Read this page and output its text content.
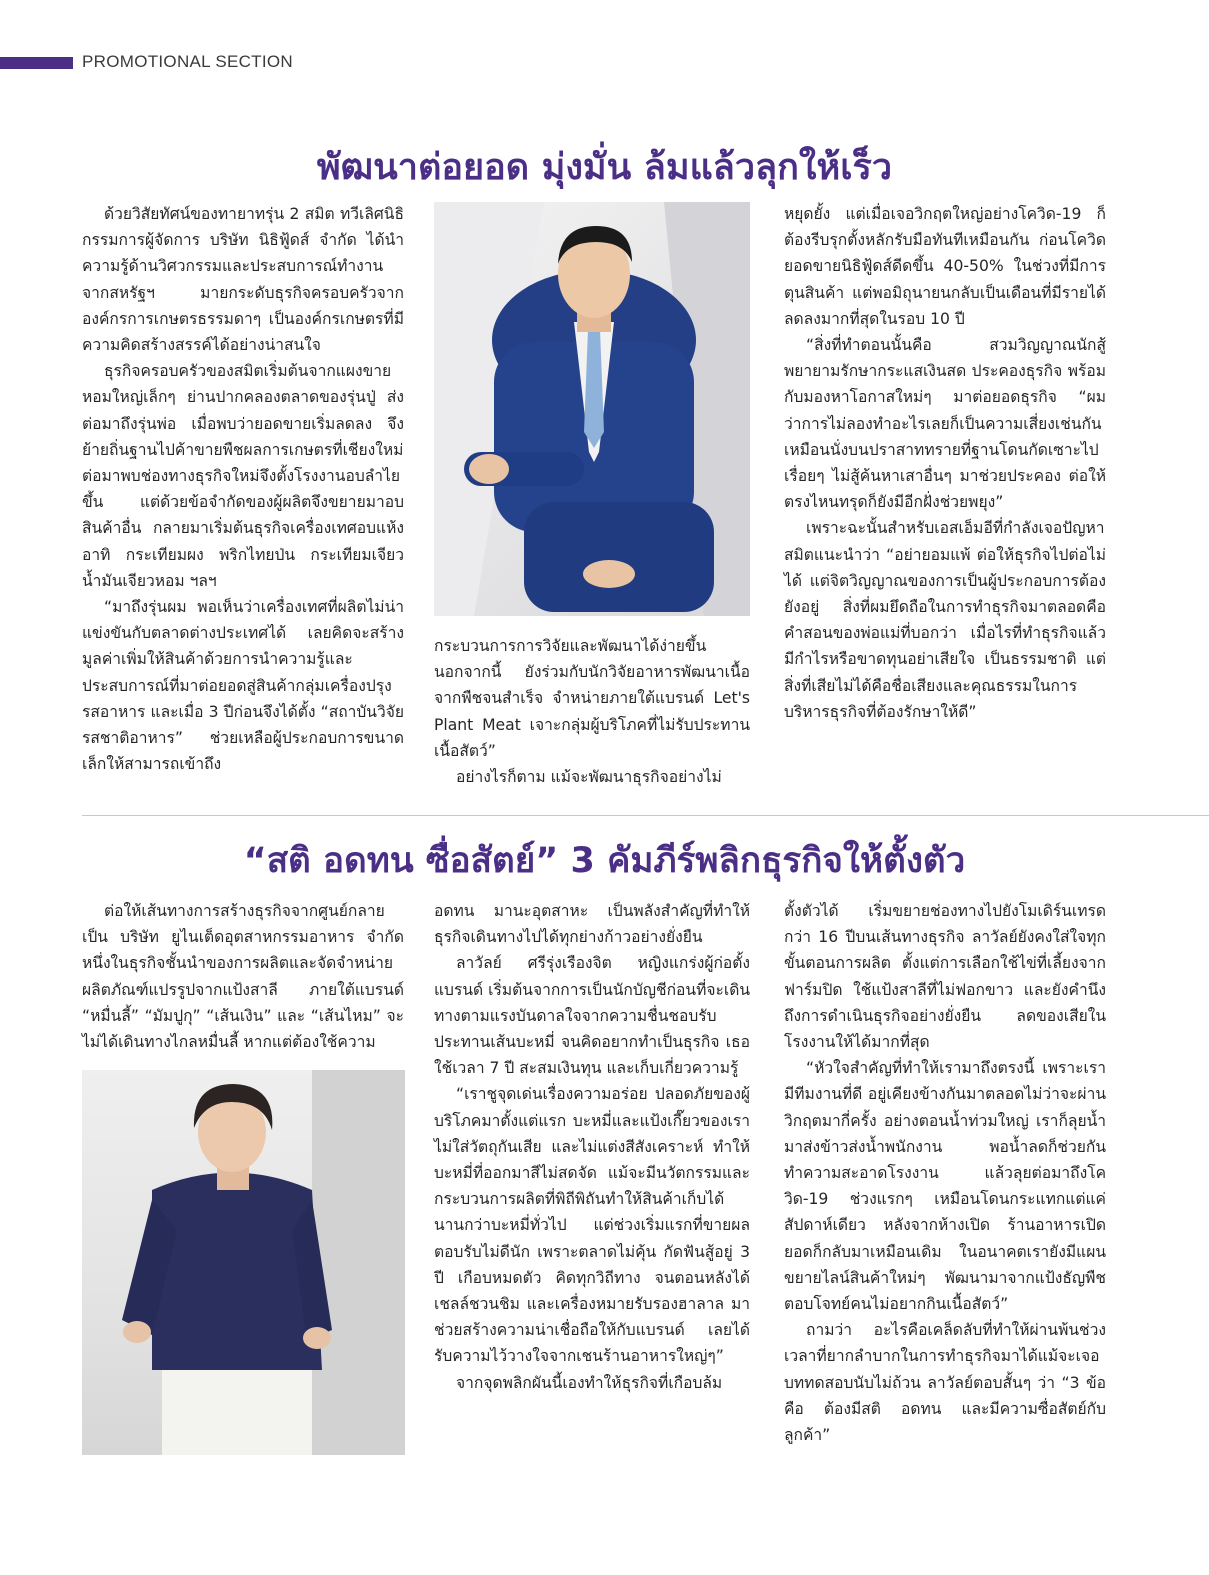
PROMOTIONAL SECTION
พัฒนาต่อยอด มุ่งมั่น ล้มแล้วลุกให้เร็ว

ด้วยวิสัยทัศน์ของทายาทรุ่น 2 สมิต ทวีเลิศนิธิ กรรมการผู้จัดการ บริษัท นิธิฟู้ดส์ จำกัด ได้นำความรู้ด้านวิศวกรรมและประสบการณ์ทำงานจากสหรัฐฯ มายกระดับธุรกิจครอบครัวจากองค์กรการเกษตรธรรมดาๆ เป็นองค์กรเกษตรที่มีความคิดสร้างสรรค์ได้อย่างน่าสนใจ

ธุรกิจครอบครัวของสมิตเริ่มต้นจากแผงขายหอมใหญ่เล็กๆ ย่านปากคลองตลาดของรุ่นปู่ ส่งต่อมาถึงรุ่นพ่อ เมื่อพบว่ายอดขายเริ่มลดลง จึงย้ายถิ่นฐานไปค้าขายพืชผลการเกษตรที่เชียงใหม่ ต่อมาพบช่องทางธุรกิจใหม่จึงตั้งโรงงานอบลำไยขึ้น แต่ด้วยข้อจำกัดของผู้ผลิตจึงขยายมาอบสินค้าอื่น กลายมาเริ่มต้นธุรกิจเครื่องเทศอบแห้ง อาทิ กระเทียมผง พริกไทยป่น กระเทียมเจียว น้ำมันเจียวหอม ฯลฯ

“มาถึงรุ่นผม พอเห็นว่าเครื่องเทศที่ผลิตไม่น่าแข่งขันกับตลาดต่างประเทศได้ เลยคิดจะสร้างมูลค่าเพิ่มให้สินค้าด้วยการนำความรู้และประสบการณ์ที่มาต่อยอดสู่สินค้ากลุ่มเครื่องปรุงรสอาหาร และเมื่อ 3 ปีก่อนจึงได้ตั้ง “สถาบันวิจัยรสชาติอาหาร” ช่วยเหลือผู้ประกอบการขนาดเล็กให้สามารถเข้าถึง

กระบวนการการวิจัยและพัฒนาได้ง่ายขึ้น นอกจากนี้ ยังร่วมกับนักวิจัยอาหารพัฒนาเนื้อจากพืชจนสำเร็จ จำหน่ายภายใต้แบรนด์ Let's Plant Meat เจาะกลุ่มผู้บริโภคที่ไม่รับประทานเนื้อสัตว์”

อย่างไรก็ตาม แม้จะพัฒนาธุรกิจอย่างไม่

หยุดยั้ง แต่เมื่อเจอวิกฤตใหญ่อย่างโควิด-19 ก็ต้องรีบรุกตั้งหลักรับมือทันทีเหมือนกัน ก่อนโควิดยอดขายนิธิฟู้ดส์ดีดขึ้น 40-50% ในช่วงที่มีการตุนสินค้า แต่พอมิถุนายนกลับเป็นเดือนที่มีรายได้ลดลงมากที่สุดในรอบ 10 ปี

“สิ่งที่ทำตอนนั้นคือ สวมวิญญาณนักสู้ พยายามรักษากระแสเงินสด ประคองธุรกิจ พร้อมกับมองหาโอกาสใหม่ๆ มาต่อยอดธุรกิจ “ผมว่าการไม่ลองทำอะไรเลยก็เป็นความเสี่ยงเช่นกัน เหมือนนั่งบนปราสาททรายที่ฐานโดนกัดเซาะไปเรื่อยๆ ไม่สู้ค้นหาเสาอื่นๆ มาช่วยประคอง ต่อให้ตรงไหนทรุดก็ยังมีอีกฝั่งช่วยพยุง”

เพราะฉะนั้นสำหรับเอสเอ็มอีที่กำลังเจอปัญหา สมิตแนะนำว่า “อย่ายอมแพ้ ต่อให้ธุรกิจไปต่อไม่ได้ แต่จิตวิญญาณของการเป็นผู้ประกอบการต้องยังอยู่ สิ่งที่ผมยึดถือในการทำธุรกิจมาตลอดคือ คำสอนของพ่อแม่ที่บอกว่า เมื่อไรที่ทำธุรกิจแล้วมีกำไรหรือขาดทุนอย่าเสียใจ เป็นธรรมชาติ แต่สิ่งที่เสียไม่ได้คือชื่อเสียงและคุณธรรมในการบริหารธุรกิจที่ต้องรักษาให้ดี”

“สติ อดทน ซื่อสัตย์” 3 คัมภีร์พลิกธุรกิจให้ตั้งตัว

ต่อให้เส้นทางการสร้างธุรกิจจากศูนย์กลายเป็น บริษัท ยูไนเต็ดอุตสาหกรรมอาหาร จำกัด หนึ่งในธุรกิจชั้นนำของการผลิตและจัดจำหน่ายผลิตภัณฑ์แปรรูปจากแป้งสาลี ภายใต้แบรนด์ “หมื่นลี้” “มัมปูกุ” “เส้นเงิน” และ “เส้นไหม” จะไม่ได้เดินทางไกลหมื่นลี้ หากแต่ต้องใช้ความ

อดทน มานะอุตสาหะ เป็นพลังสำคัญที่ทำให้ธุรกิจเดินทางไปได้ทุกย่างก้าวอย่างยั่งยืน

ลาวัลย์ ศรีรุ่งเรืองจิต หญิงแกร่งผู้ก่อตั้งแบรนด์ เริ่มต้นจากการเป็นนักบัญชีก่อนที่จะเดินทางตามแรงบันดาลใจจากความชื่นชอบรับประทานเส้นบะหมี่ จนคิดอยากทำเป็นธุรกิจ เธอใช้เวลา 7 ปี สะสมเงินทุน และเก็บเกี่ยวความรู้

“เราชูจุดเด่นเรื่องความอร่อย ปลอดภัยของผู้บริโภคมาตั้งแต่แรก บะหมี่และแป้งเกี๊ยวของเราไม่ใส่วัตถุกันเสีย และไม่แต่งสีสังเคราะห์ ทำให้บะหมี่ที่ออกมาสีไม่สดจัด แม้จะมีนวัตกรรมและกระบวนการผลิตที่พิถีพิถันทำให้สินค้าเก็บได้นานกว่าบะหมี่ทั่วไป แต่ช่วงเริ่มแรกที่ขายผลตอบรับไม่ดีนัก เพราะตลาดไม่คุ้น กัดฟันสู้อยู่ 3 ปี เกือบหมดตัว คิดทุกวิถีทาง จนตอนหลังได้เชลล์ชวนชิม และเครื่องหมายรับรองฮาลาล มาช่วยสร้างความน่าเชื่อถือให้กับแบรนด์ เลยได้รับความไว้วางใจจากเชนร้านอาหารใหญ่ๆ”

จากจุดพลิกผันนี้เองทำให้ธุรกิจที่เกือบล้ม

ตั้งตัวได้ เริ่มขยายช่องทางไปยังโมเดิร์นเทรด กว่า 16 ปีบนเส้นทางธุรกิจ ลาวัลย์ยังคงใส่ใจทุกขั้นตอนการผลิต ตั้งแต่การเลือกใช้ไข่ที่เลี้ยงจากฟาร์มปิด ใช้แป้งสาลีที่ไม่ฟอกขาว และยังคำนึงถึงการดำเนินธุรกิจอย่างยั่งยืน ลดของเสียในโรงงานให้ได้มากที่สุด

“หัวใจสำคัญที่ทำให้เรามาถึงตรงนี้ เพราะเรามีทีมงานที่ดี อยู่เคียงข้างกันมาตลอดไม่ว่าจะผ่านวิกฤตมากี่ครั้ง อย่างตอนน้ำท่วมใหญ่ เราก็ลุยน้ำมาส่งข้าวส่งน้ำพนักงาน พอน้ำลดก็ช่วยกันทำความสะอาดโรงงาน แล้วลุยต่อมาถึงโควิด-19 ช่วงแรกๆ เหมือนโดนกระแทกแต่แค่สัปดาห์เดียว หลังจากห้างเปิด ร้านอาหารเปิดยอดก็กลับมาเหมือนเดิม ในอนาคตเรายังมีแผนขยายไลน์สินค้าใหม่ๆ พัฒนามาจากแป้งธัญพืช ตอบโจทย์คนไม่อยากกินเนื้อสัตว์”

ถามว่า อะไรคือเคล็ดลับที่ทำให้ผ่านพ้นช่วงเวลาที่ยากลำบากในการทำธุรกิจมาได้แม้จะเจอบททดสอบนับไม่ถ้วน ลาวัลย์ตอบสั้นๆ ว่า “3 ข้อ คือ ต้องมีสติ อดทน และมีความซื่อสัตย์กับลูกค้า”
